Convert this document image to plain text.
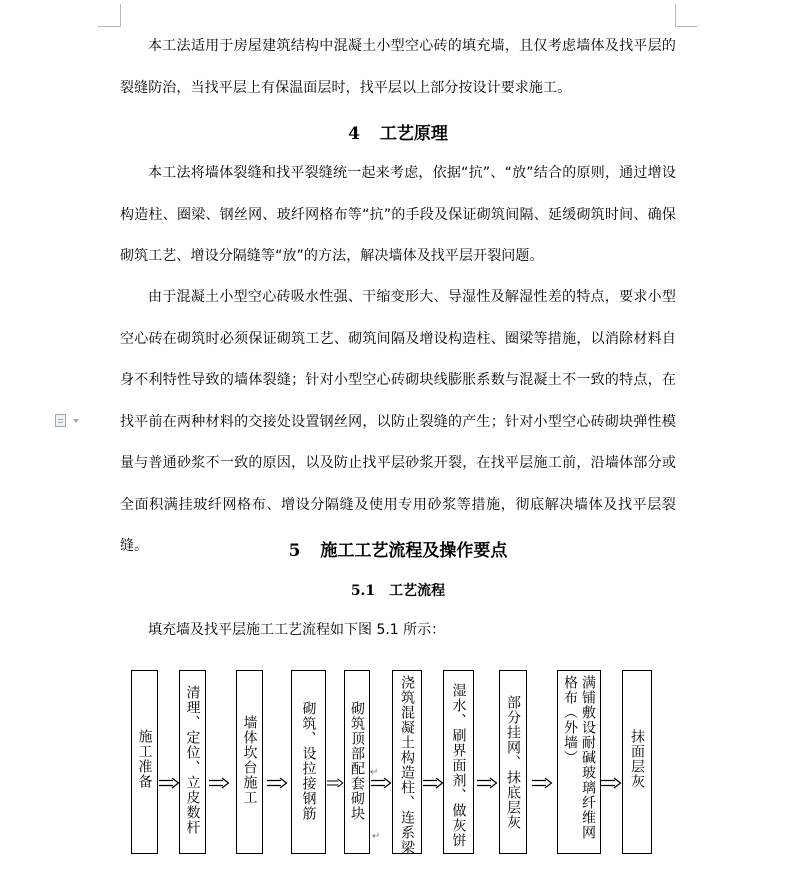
本工法适用于房屋建筑结构中混凝土小型空心砖的填充墙，且仅考虑墙体及找平层的裂缝防治，当找平层上有保温面层时，找平层以上部分按设计要求施工。

4 工艺原理

本工法将墙体裂缝和找平裂缝统一起来考虑，依据“抗”、“放”结合的原则，通过增设构造柱、圈梁、钢丝网、玻纤网格布等“抗”的手段及保证砌筑间隔、延缓砌筑时间、确保砌筑工艺、增设分隔缝等“放”的方法，解决墙体及找平层开裂问题。

由于混凝土小型空心砖吸水性强、干缩变形大、导湿性及解湿性差的特点，要求小型空心砖在砌筑时必须保证砌筑工艺、砌筑间隔及增设构造柱、圈梁等措施，以消除材料自身不利特性导致的墙体裂缝；针对小型空心砖砌块线膨胀系数与混凝土不一致的特点，在找平前在两种材料的交接处设置钢丝网，以防止裂缝的产生；针对小型空心砖砌块弹性模量与普通砂浆不一致的原因，以及防止找平层砂浆开裂，在找平层施工前，沿墙体部分或全面积满挂玻纤网格布、增设分隔缝及使用专用砂浆等措施，彻底解决墙体及找平层裂缝。	5 施工工艺流程及操作要点
5.1 工艺流程

填充墙及找平层施工工艺流程如下图 5.1 所示：

施工准备 清理、定位、立皮数杆	墙体坎台施工	砌筑、设拉接钢筋 砌筑顶部配套砌块 浇筑混凝土构造柱、连系梁	湿水、刷界面剂、做灰饼	部分挂网、抹底层灰	满铺敷设耐碱玻璃纤维网格布（外墙）	抹面层灰
↵
↵
